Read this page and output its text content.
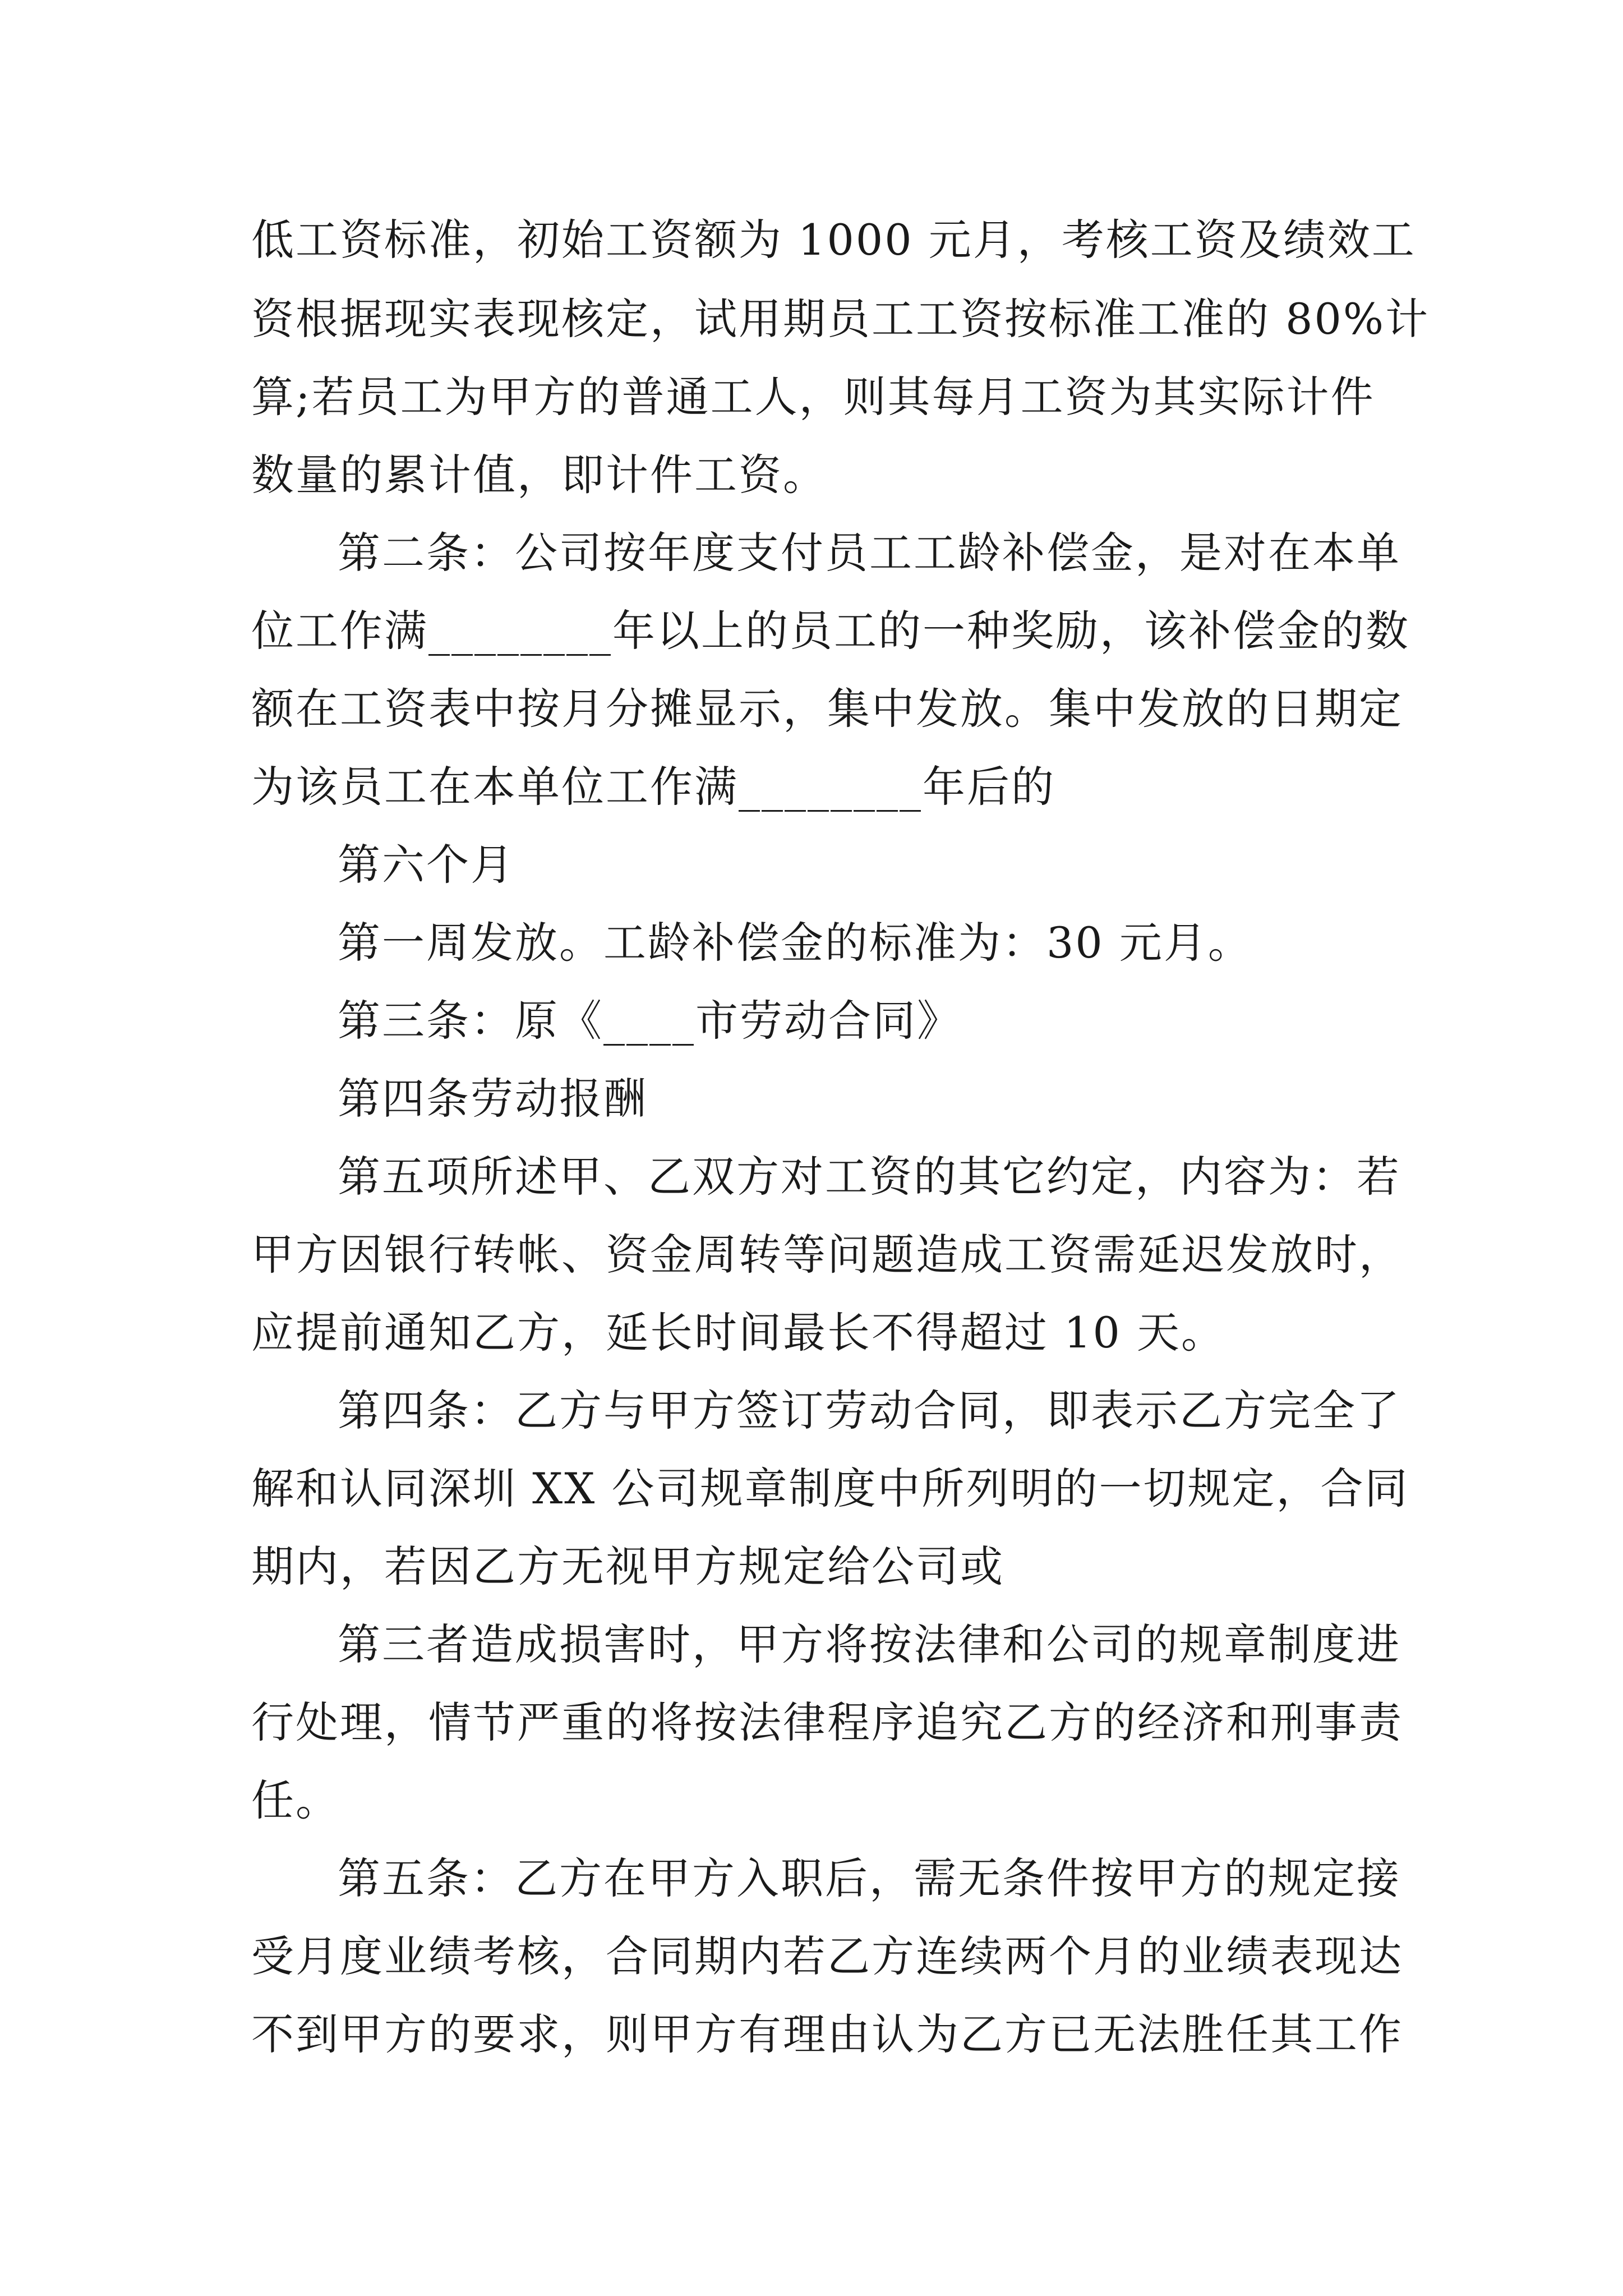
低工资标准，初始工资额为 1000 元月，考核工资及绩效工

资根据现实表现核定，试用期员工工资按标准工准的 80%计

算;若员工为甲方的普通工人，则其每月工资为其实际计件

数量的累计值，即计件工资。

第二条：公司按年度支付员工工龄补偿金，是对在本单

位工作满________年以上的员工的一种奖励，该补偿金的数

额在工资表中按月分摊显示，集中发放。集中发放的日期定

为该员工在本单位工作满________年后的

第六个月

第一周发放。工龄补偿金的标准为：30 元月。

第三条：原《____市劳动合同》

第四条劳动报酬

第五项所述甲、乙双方对工资的其它约定，内容为：若

甲方因银行转帐、资金周转等问题造成工资需延迟发放时，

应提前通知乙方，延长时间最长不得超过 10 天。

第四条：乙方与甲方签订劳动合同，即表示乙方完全了

解和认同深圳 XX 公司规章制度中所列明的一切规定，合同

期内，若因乙方无视甲方规定给公司或

第三者造成损害时，甲方将按法律和公司的规章制度进

行处理，情节严重的将按法律程序追究乙方的经济和刑事责

任。

第五条：乙方在甲方入职后，需无条件按甲方的规定接

受月度业绩考核，合同期内若乙方连续两个月的业绩表现达

不到甲方的要求，则甲方有理由认为乙方已无法胜任其工作
